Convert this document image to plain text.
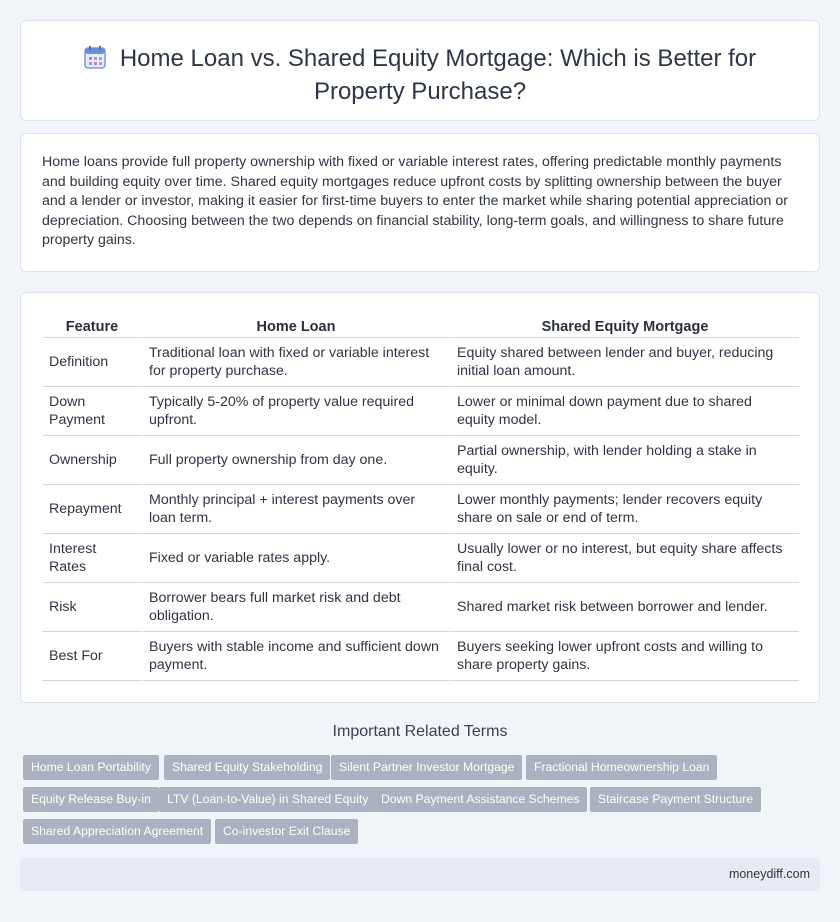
Home Loan vs. Shared Equity Mortgage: Which is Better for
Property Purchase?

Home loans provide full property ownership with fixed or variable interest rates, offering predictable monthly payments and building equity over time. Shared equity mortgages reduce upfront costs by splitting ownership between the buyer and a lender or investor, making it easier for first-time buyers to enter the market while sharing potential appreciation or depreciation. Choosing between the two depends on financial stability, long-term goals, and willingness to share future property gains.

Feature	Home Loan	Shared Equity Mortgage
Definition	Traditional loan with fixed or variable interest for property purchase.	Equity shared between lender and buyer, reducing initial loan amount.
Down Payment	Typically 5-20% of property value required upfront.	Lower or minimal down payment due to shared equity model.
Ownership	Full property ownership from day one.	Partial ownership, with lender holding a stake in equity.
Repayment	Monthly principal + interest payments over loan term.	Lower monthly payments; lender recovers equity share on sale or end of term.
Interest Rates	Fixed or variable rates apply.	Usually lower or no interest, but equity share affects final cost.
Risk	Borrower bears full market risk and debt obligation.	Shared market risk between borrower and lender.
Best For	Buyers with stable income and sufficient down payment.	Buyers seeking lower upfront costs and willing to share property gains.
Important Related Terms
Home Loan Portability	Shared Equity Stakeholding	Silent Partner Investor Mortgage	Fractional Homeownership Loan
Equity Release Buy-in	LTV (Loan-to-Value) in Shared Equity	Down Payment Assistance Schemes	Staircase Payment Structure
Shared Appreciation Agreement	Co-investor Exit Clause
moneydiff.com
